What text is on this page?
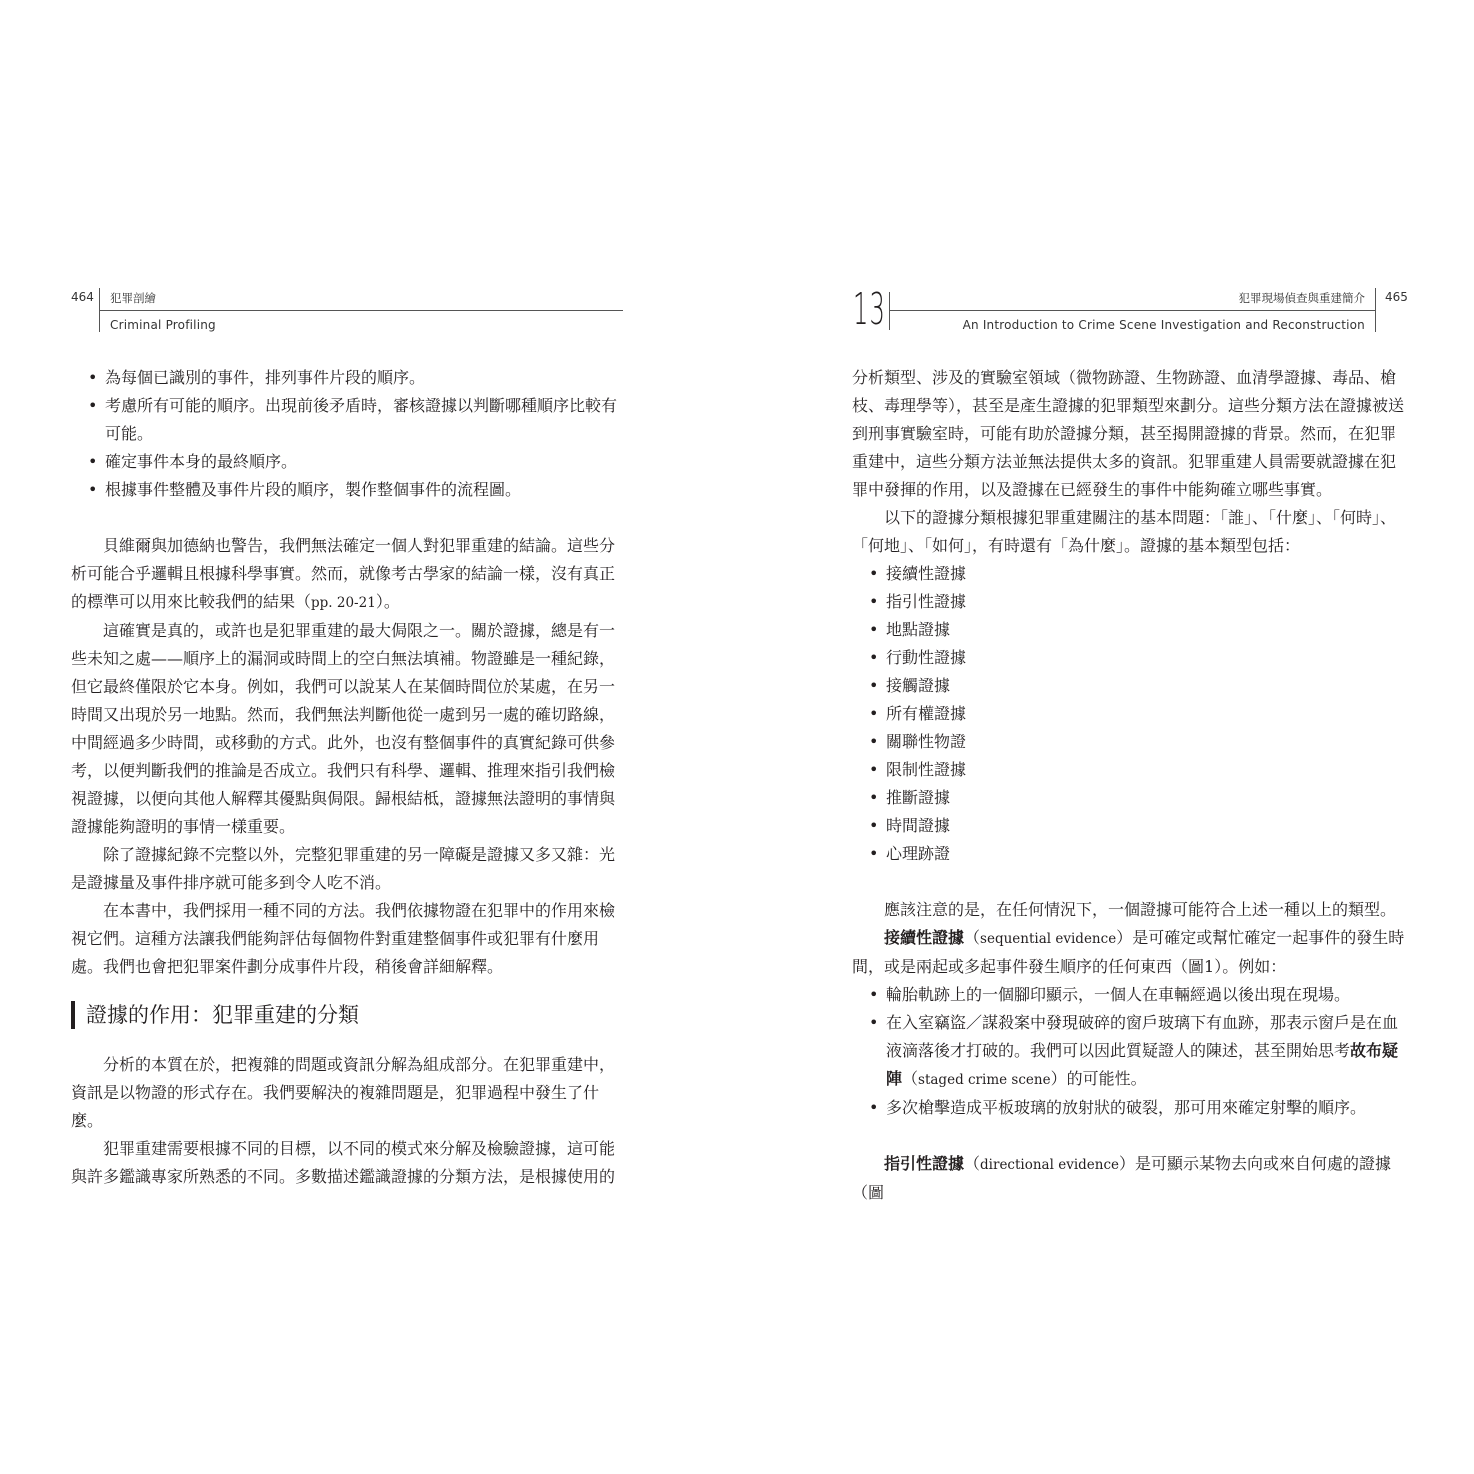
464 犯罪剖繪
Criminal Profiling
• 為每個已識別的事件，排列事件片段的順序。
• 考慮所有可能的順序。出現前後矛盾時，審核證據以判斷哪種順序比較有可能。
• 確定事件本身的最終順序。
• 根據事件整體及事件片段的順序，製作整個事件的流程圖。

貝維爾與加德納也警告，我們無法確定一個人對犯罪重建的結論。這些分析可能合乎邏輯且根據科學事實。然而，就像考古學家的結論一樣，沒有真正的標準可以用來比較我們的結果（pp. 20-21）。

這確實是真的，或許也是犯罪重建的最大侷限之一。關於證據，總是有一些未知之處——順序上的漏洞或時間上的空白無法填補。物證雖是一種紀錄，但它最終僅限於它本身。例如，我們可以說某人在某個時間位於某處，在另一時間又出現於另一地點。然而，我們無法判斷他從一處到另一處的確切路線，中間經過多少時間，或移動的方式。此外，也沒有整個事件的真實紀錄可供參考，以便判斷我們的推論是否成立。我們只有科學、邏輯、推理來指引我們檢視證據，以便向其他人解釋其優點與侷限。歸根結柢，證據無法證明的事情與證據能夠證明的事情一樣重要。

除了證據紀錄不完整以外，完整犯罪重建的另一障礙是證據又多又雜：光是證據量及事件排序就可能多到令人吃不消。

在本書中，我們採用一種不同的方法。我們依據物證在犯罪中的作用來檢視它們。這種方法讓我們能夠評估每個物件對重建整個事件或犯罪有什麼用處。我們也會把犯罪案件劃分成事件片段，稍後會詳細解釋。

證據的作用：犯罪重建的分類

分析的本質在於，把複雜的問題或資訊分解為組成部分。在犯罪重建中，資訊是以物證的形式存在。我們要解決的複雜問題是，犯罪過程中發生了什麼。

犯罪重建需要根據不同的目標，以不同的模式來分解及檢驗證據，這可能與許多鑑識專家所熟悉的不同。多數描述鑑識證據的分類方法，是根據使用的

13	犯罪現場偵查與重建簡介 465
An Introduction to Crime Scene Investigation and Reconstruction

分析類型、涉及的實驗室領域（微物跡證、生物跡證、血清學證據、毒品、槍枝、毒理學等），甚至是產生證據的犯罪類型來劃分。這些分類方法在證據被送到刑事實驗室時，可能有助於證據分類，甚至揭開證據的背景。然而，在犯罪重建中，這些分類方法並無法提供太多的資訊。犯罪重建人員需要就證據在犯罪中發揮的作用，以及證據在已經發生的事件中能夠確立哪些事實。

以下的證據分類根據犯罪重建關注的基本問題：「誰」、「什麼」、「何時」、「何地」、「如何」，有時還有「為什麼」。證據的基本類型包括：

• 接續性證據
• 指引性證據
• 地點證據
• 行動性證據
• 接觸證據
• 所有權證據
• 關聯性物證
• 限制性證據
• 推斷證據
• 時間證據
• 心理跡證

應該注意的是，在任何情況下，一個證據可能符合上述一種以上的類型。

接續性證據（sequential evidence）是可確定或幫忙確定一起事件的發生時間，或是兩起或多起事件發生順序的任何東西（圖1）。例如：

• 輪胎軌跡上的一個腳印顯示，一個人在車輛經過以後出現在現場。
• 在入室竊盜／謀殺案中發現破碎的窗戶玻璃下有血跡，那表示窗戶是在血液滴落後才打破的。我們可以因此質疑證人的陳述，甚至開始思考故布疑陣（staged crime scene）的可能性。
• 多次槍擊造成平板玻璃的放射狀的破裂，那可用來確定射擊的順序。

指引性證據（directional evidence）是可顯示某物去向或來自何處的證據（圖
